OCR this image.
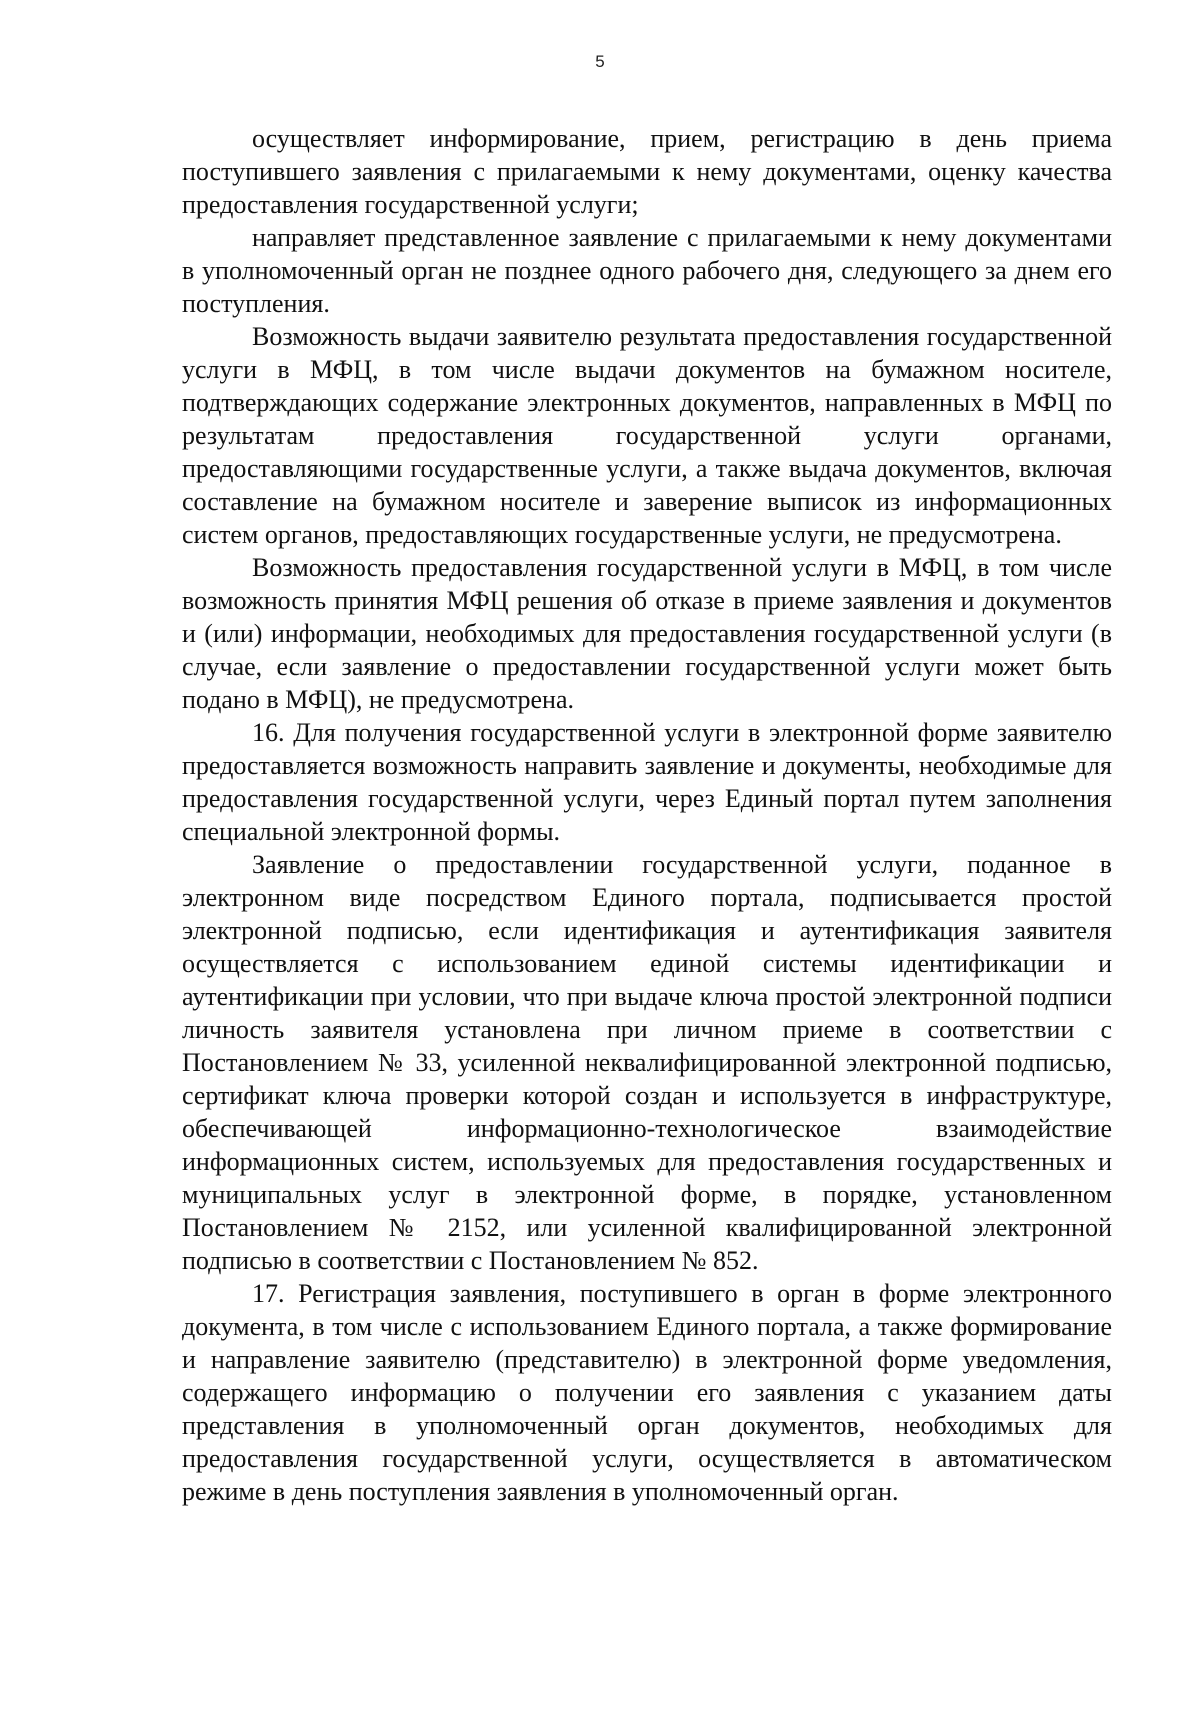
5

осуществляет информирование, прием, регистрацию в день приема поступившего заявления с прилагаемыми к нему документами, оценку качества предоставления государственной услуги;

направляет представленное заявление с прилагаемыми к нему документами в уполномоченный орган не позднее одного рабочего дня, следующего за днем его поступления.

Возможность выдачи заявителю результата предоставления государственной услуги в МФЦ, в том числе выдачи документов на бумажном носителе, подтверждающих содержание электронных документов, направленных в МФЦ по результатам предоставления государственной услуги органами, предоставляющими государственные услуги, а также выдача документов, включая составление на бумажном носителе и заверение выписок из информационных систем органов, предоставляющих государственные услуги, не предусмотрена.

Возможность предоставления государственной услуги в МФЦ, в том числе возможность принятия МФЦ решения об отказе в приеме заявления и документов и (или) информации, необходимых для предоставления государственной услуги (в случае, если заявление о предоставлении государственной услуги может быть подано в МФЦ), не предусмотрена.

16. Для получения государственной услуги в электронной форме заявителю предоставляется возможность направить заявление и документы, необходимые для предоставления государственной услуги, через Единый портал путем заполнения специальной электронной формы.

Заявление о предоставлении государственной услуги, поданное в электронном виде посредством Единого портала, подписывается простой электронной подписью, если идентификация и аутентификация заявителя осуществляется с использованием единой системы идентификации и аутентификации при условии, что при выдаче ключа простой электронной подписи личность заявителя установлена при личном приеме в соответствии с Постановлением № 33, усиленной неквалифицированной электронной подписью, сертификат ключа проверки которой создан и используется в инфраструктуре, обеспечивающей информационно-технологическое взаимодействие информационных систем, используемых для предоставления государственных и муниципальных услуг в электронной форме, в порядке, установленном Постановлением № 2152, или усиленной квалифицированной электронной подписью в соответствии с Постановлением № 852.

17. Регистрация заявления, поступившего в орган в форме электронного документа, в том числе с использованием Единого портала, а также формирование и направление заявителю (представителю) в электронной форме уведомления, содержащего информацию о получении его заявления с указанием даты представления в уполномоченный орган документов, необходимых для предоставления государственной услуги, осуществляется в автоматическом режиме в день поступления заявления в уполномоченный орган.
